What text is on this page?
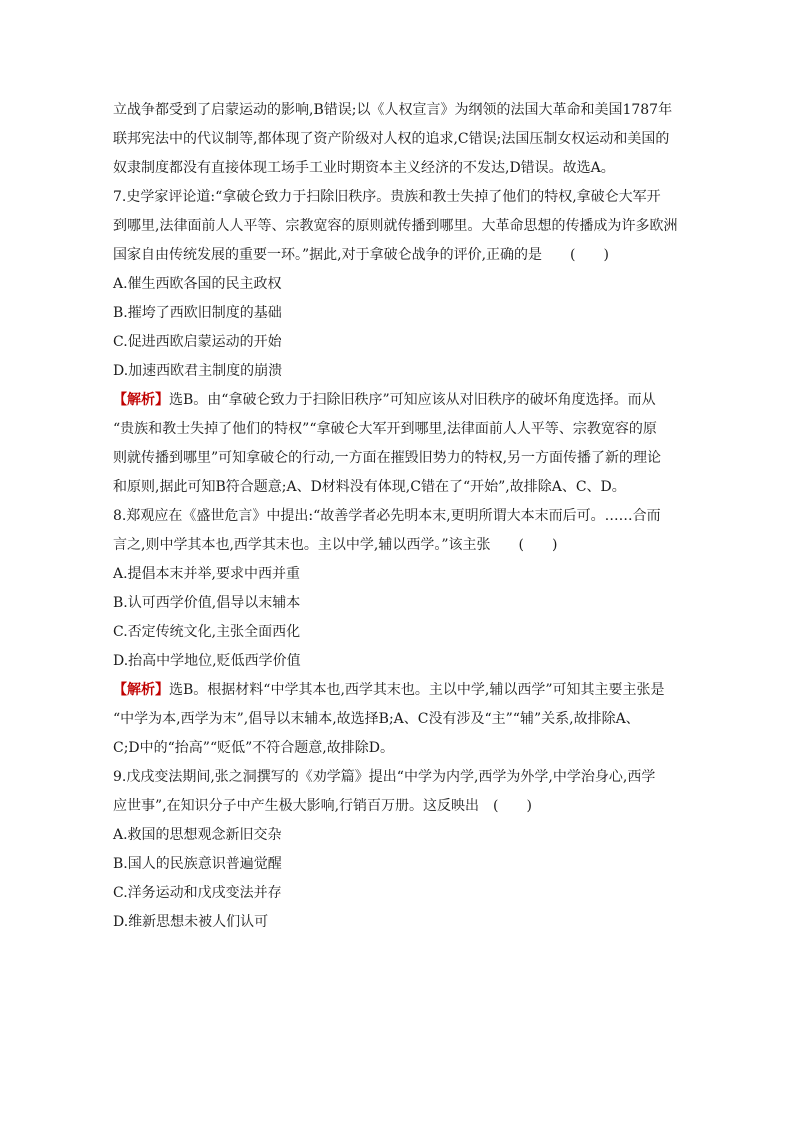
立战争都受到了启蒙运动的影响,B错误;以《人权宣言》为纲领的法国大革命和美国1787年
联邦宪法中的代议制等,都体现了资产阶级对人权的追求,C错误;法国压制女权运动和美国的
奴隶制度都没有直接体现工场手工业时期资本主义经济的不发达,D错误。故选A。
7.史学家评论道:“拿破仑致力于扫除旧秩序。贵族和教士失掉了他们的特权,拿破仑大军开
到哪里,法律面前人人平等、宗教宽容的原则就传播到哪里。大革命思想的传播成为许多欧洲
国家自由传统发展的重要一环。”据此,对于拿破仑战争的评价,正确的是　　(　　)
A.催生西欧各国的民主政权
B.摧垮了西欧旧制度的基础
C.促进西欧启蒙运动的开始
D.加速西欧君主制度的崩溃
【解析】选B。由“拿破仑致力于扫除旧秩序”可知应该从对旧秩序的破坏角度选择。而从
“贵族和教士失掉了他们的特权”“拿破仑大军开到哪里,法律面前人人平等、宗教宽容的原
则就传播到哪里”可知拿破仑的行动,一方面在摧毁旧势力的特权,另一方面传播了新的理论
和原则,据此可知B符合题意;A、D材料没有体现,C错在了“开始”,故排除A、C、D。
8.郑观应在《盛世危言》中提出:“故善学者必先明本末,更明所谓大本末而后可。……合而
言之,则中学其本也,西学其末也。主以中学,辅以西学。”该主张　　(　　)
A.提倡本末并举,要求中西并重
B.认可西学价值,倡导以末辅本
C.否定传统文化,主张全面西化
D.抬高中学地位,贬低西学价值
【解析】选B。根据材料“中学其本也,西学其末也。主以中学,辅以西学”可知其主要主张是
“中学为本,西学为末”,倡导以末辅本,故选择B;A、C没有涉及“主”“辅”关系,故排除A、
C;D中的“抬高”“贬低”不符合题意,故排除D。
9.戊戌变法期间,张之洞撰写的《劝学篇》提出“中学为内学,西学为外学,中学治身心,西学
应世事”,在知识分子中产生极大影响,行销百万册。这反映出　(　　)
A.救国的思想观念新旧交杂
B.国人的民族意识普遍觉醒
C.洋务运动和戊戌变法并存
D.维新思想未被人们认可
